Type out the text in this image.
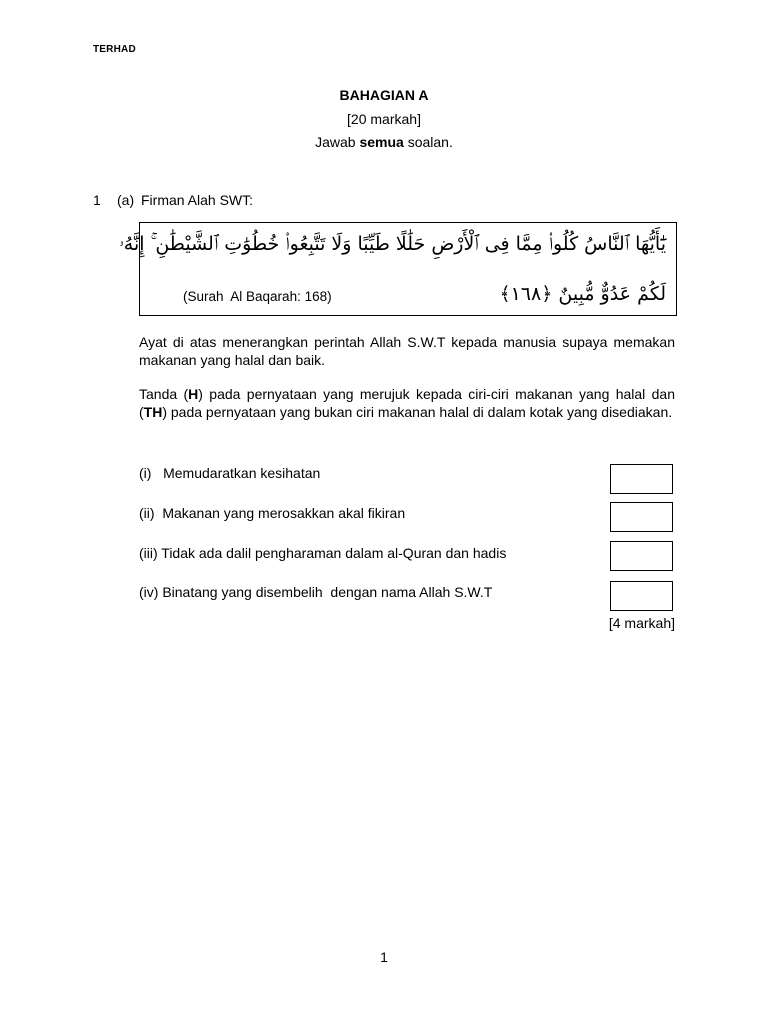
TERHAD
BAHAGIAN A
[20 markah]
Jawab semua soalan.
1 (a) Firman Alah SWT:
يَٰٓأَيُّهَا ٱلنَّاسُ كُلُوا۟ مِمَّا فِى ٱلْأَرْضِ حَلَٰلًا طَيِّبًا وَلَا تَتَّبِعُوا۟ خُطُوَٰتِ ٱلشَّيْطَٰنِ ۚ إِنَّهُۥ
لَكُمْ عَدُوٌّ مُّبِينٌ ﴿١٦٨﴾
(Surah  Al Baqarah: 168)
Ayat di atas menerangkan perintah Allah S.W.T kepada manusia supaya memakan makanan yang halal dan baik.
Tanda (H) pada pernyataan yang merujuk kepada ciri-ciri makanan yang halal dan (TH) pada pernyataan yang bukan ciri makanan halal di dalam kotak yang disediakan.
(i)   Memudaratkan kesihatan
(ii)  Makanan yang merosakkan akal fikiran
(iii) Tidak ada dalil pengharaman dalam al-Quran dan hadis
(iv) Binatang yang disembelih  dengan nama Allah S.W.T
[4 markah]
1
